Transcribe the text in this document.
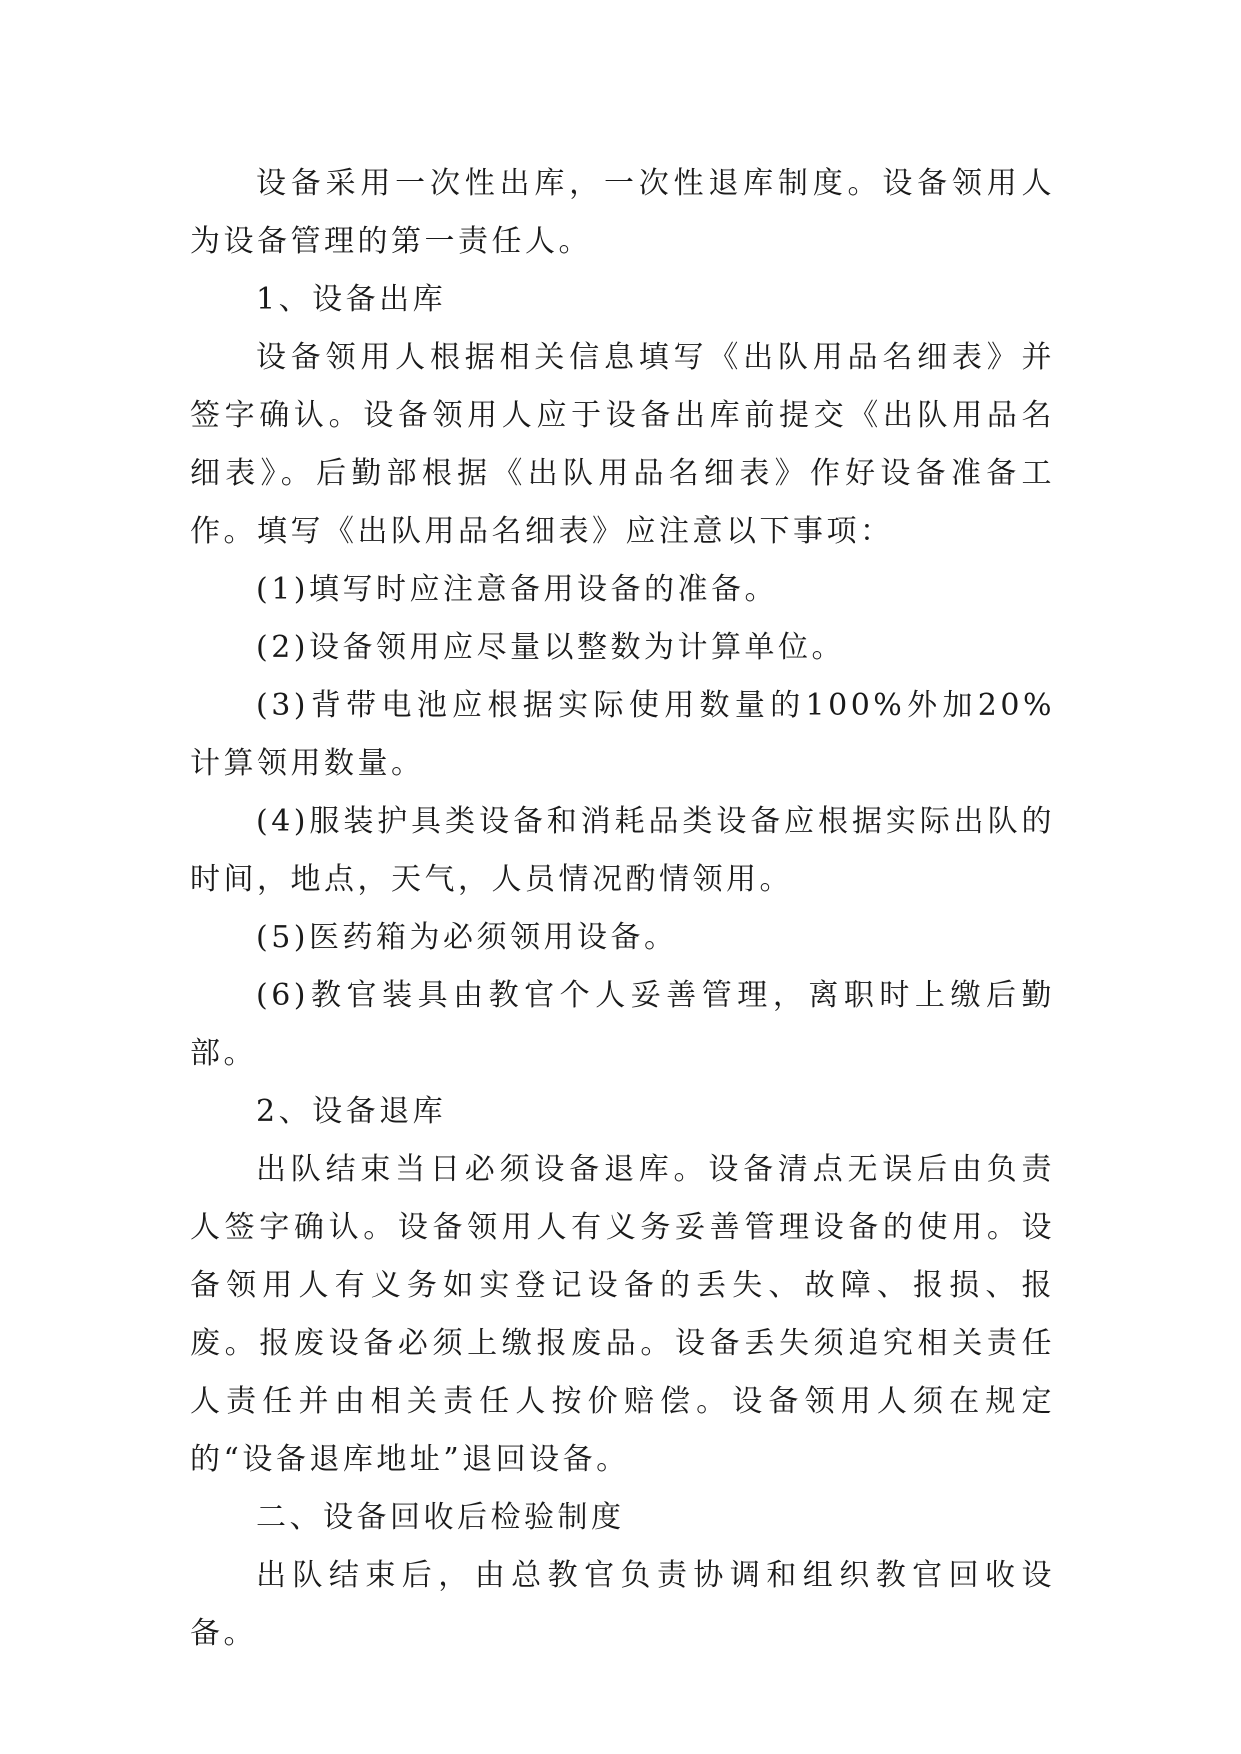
设备采用一次性出库，一次性退库制度。设备领用人为设备管理的第一责任人。

1、设备出库

设备领用人根据相关信息填写《出队用品名细表》并签字确认。设备领用人应于设备出库前提交《出队用品名细表》。后勤部根据《出队用品名细表》作好设备准备工作。填写《出队用品名细表》应注意以下事项：

(1)填写时应注意备用设备的准备。

(2)设备领用应尽量以整数为计算单位。

(3)背带电池应根据实际使用数量的100%外加20%计算领用数量。

(4)服装护具类设备和消耗品类设备应根据实际出队的时间，地点，天气，人员情况酌情领用。

(5)医药箱为必须领用设备。

(6)教官装具由教官个人妥善管理，离职时上缴后勤部。

2、设备退库

出队结束当日必须设备退库。设备清点无误后由负责人签字确认。设备领用人有义务妥善管理设备的使用。设备领用人有义务如实登记设备的丢失、故障、报损、报废。报废设备必须上缴报废品。设备丢失须追究相关责任人责任并由相关责任人按价赔偿。设备领用人须在规定的“设备退库地址”退回设备。

二、设备回收后检验制度

出队结束后，由总教官负责协调和组织教官回收设备。
